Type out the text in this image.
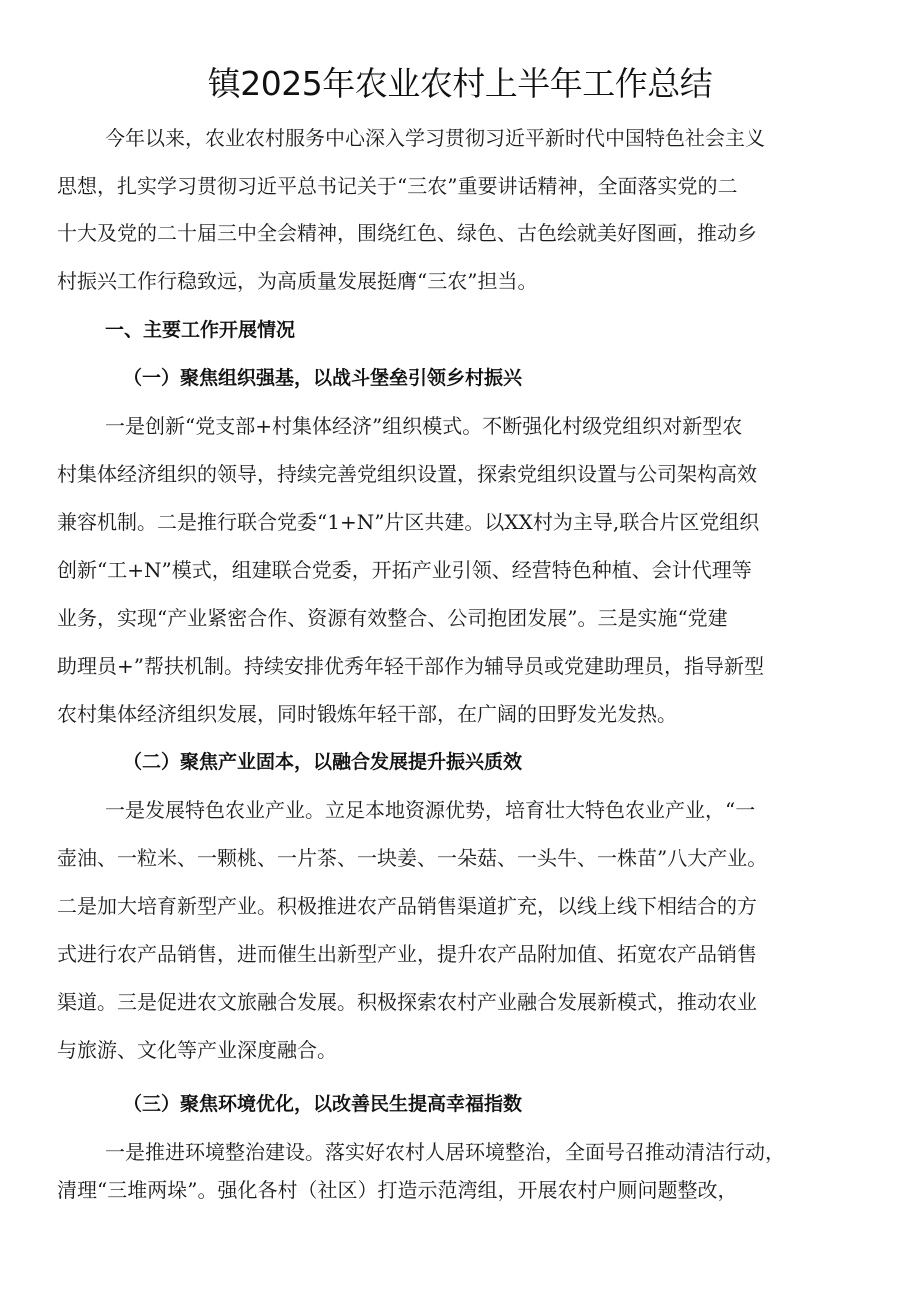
镇2025年农业农村上半年工作总结

今年以来，农业农村服务中心深入学习贯彻习近平新时代中国特色社会主义

思想，扎实学习贯彻习近平总书记关于“三农”重要讲话精神，全面落实党的二

十大及党的二十届三中全会精神，围绕红色、绿色、古色绘就美好图画，推动乡

村振兴工作行稳致远，为高质量发展挺膺“三农”担当。

一、主要工作开展情况

（一）聚焦组织强基，以战斗堡垒引领乡村振兴

一是创新“党支部+村集体经济”组织模式。不断强化村级党组织对新型农

村集体经济组织的领导，持续完善党组织设置，探索党组织设置与公司架构高效

兼容机制。二是推行联合党委“1+N”片区共建。以XX村为主导,联合片区党组织

创新“工+N”模式，组建联合党委，开拓产业引领、经营特色种植、会计代理等

业务，实现“产业紧密合作、资源有效整合、公司抱团发展”。三是实施“党建

助理员+”帮扶机制。持续安排优秀年轻干部作为辅导员或党建助理员，指导新型

农村集体经济组织发展，同时锻炼年轻干部，在广阔的田野发光发热。

（二）聚焦产业固本，以融合发展提升振兴质效

一是发展特色农业产业。立足本地资源优势，培育壮大特色农业产业，“一

壶油、一粒米、一颗桃、一片茶、一块姜、一朵菇、一头牛、一株苗”八大产业。

二是加大培育新型产业。积极推进农产品销售渠道扩充，以线上线下相结合的方

式进行农产品销售，进而催生出新型产业，提升农产品附加值、拓宽农产品销售

渠道。三是促进农文旅融合发展。积极探索农村产业融合发展新模式，推动农业

与旅游、文化等产业深度融合。

（三）聚焦环境优化，以改善民生提高幸福指数

一是推进环境整治建设。落实好农村人居环境整治，全面号召推动清洁行动，

清理“三堆两垛”。强化各村（社区）打造示范湾组，开展农村户厕问题整改，
